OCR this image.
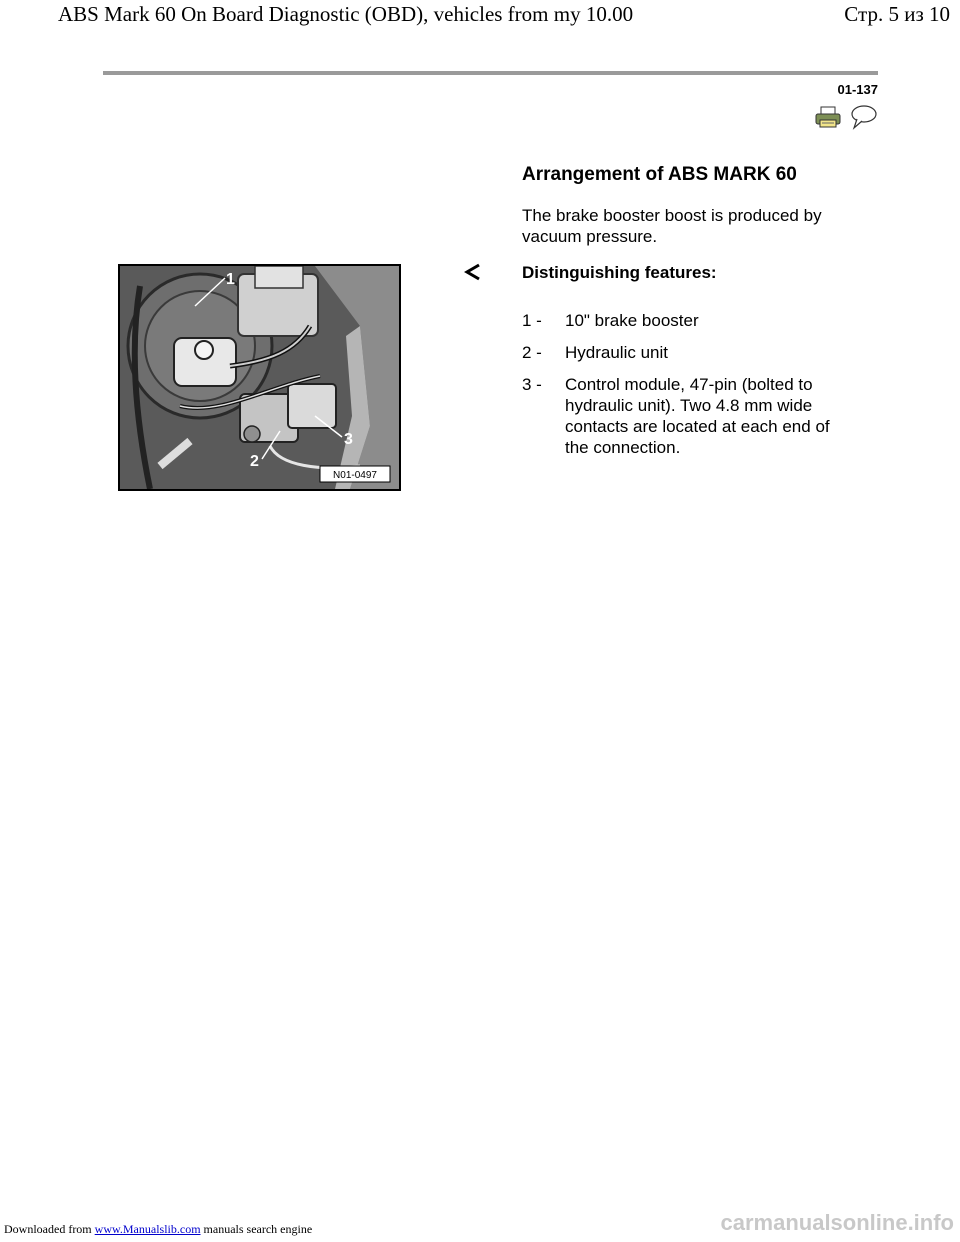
ABS Mark 60 On Board Diagnostic (OBD), vehicles from my 10.00	Стр. 5 из 10
01-137
Arrangement of ABS MARK 60
The brake booster boost is produced by vacuum pressure.
Distinguishing features:
1 -	10" brake booster
2 -	Hydraulic unit
3 -	Control module, 47-pin (bolted to hydraulic unit). Two 4.8 mm wide contacts are located at each end of the connection.
1
2
3
N01-0497
Downloaded from www.Manualslib.com manuals search engine	carmanualsonline.info
